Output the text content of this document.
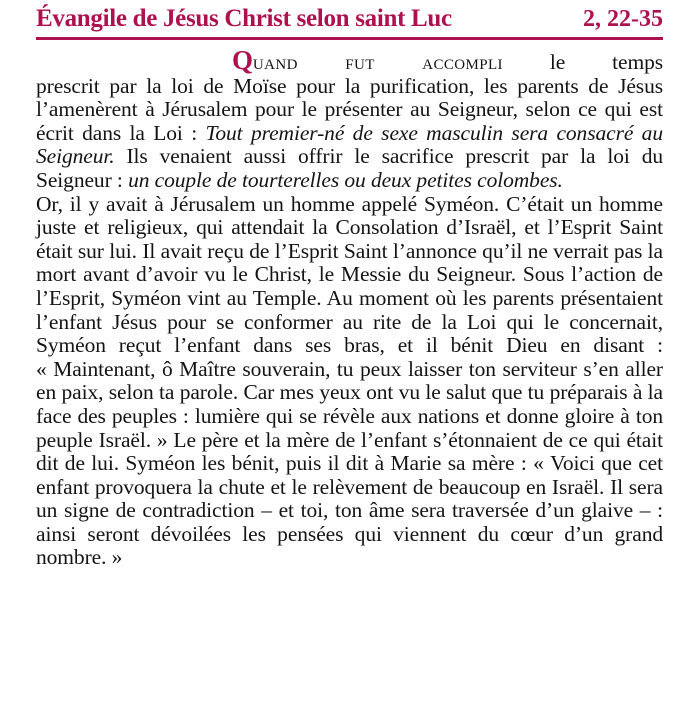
Évangile de Jésus Christ selon saint Luc	2, 22-35
Quand fut accompli le temps
prescrit par la loi de Moïse pour la purification, les parents de Jésus l’amenèrent à Jérusalem pour le présenter au Seigneur, selon ce qui est écrit dans la Loi : Tout premier-né de sexe masculin sera consacré au Seigneur. Ils venaient aussi offrir le sacrifice prescrit par la loi du Seigneur : un couple de tourterelles ou deux petites colombes.
Or, il y avait à Jérusalem un homme appelé Syméon. C’était un homme juste et religieux, qui attendait la Consolation d’Israël, et l’Esprit Saint était sur lui. Il avait reçu de l’Esprit Saint l’annonce qu’il ne verrait pas la mort avant d’avoir vu le Christ, le Messie du Seigneur. Sous l’action de l’Esprit, Syméon vint au Temple. Au moment où les parents présentaient l’enfant Jésus pour se conformer au rite de la Loi qui le concernait, Syméon reçut l’enfant dans ses bras, et il bénit Dieu en disant : « Maintenant, ô Maître souverain, tu peux laisser ton serviteur s’en aller en paix, selon ta parole. Car mes yeux ont vu le salut que tu préparais à la face des peuples : lumière qui se révèle aux nations et donne gloire à ton peuple Israël. » Le père et la mère de l’enfant s’étonnaient de ce qui était dit de lui. Syméon les bénit, puis il dit à Marie sa mère : « Voici que cet enfant provoquera la chute et le relèvement de beaucoup en Israël. Il sera un signe de contradiction – et toi, ton âme sera traversée d’un glaive – : ainsi seront dévoilées les pensées qui viennent du cœur d’un grand nombre. »
